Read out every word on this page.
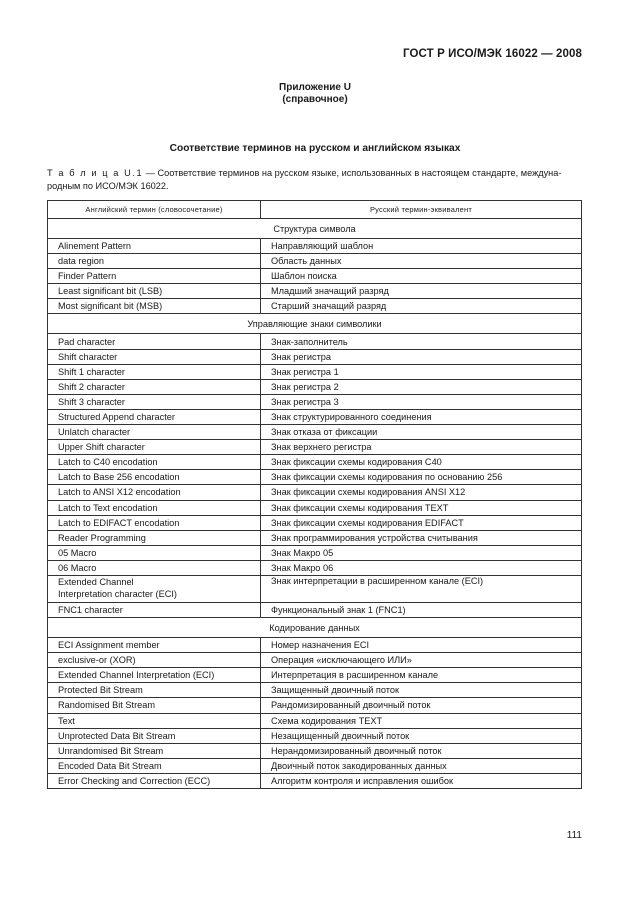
ГОСТ Р ИСО/МЭК 16022 — 2008
Приложение U
(справочное)
Соответствие терминов на русском и английском языках
Т а б л и ц а U.1 — Соответствие терминов на русском языке, использованных в настоящем стандарте, междуна-родным по ИСО/МЭК 16022.
Английский термин (словосочетание)	Русский термин-эквивалент
Структура символа	

Alinement Pattern	Направляющий шаблон

data region	Область данных

Finder Pattern	Шаблон поиска

Least significant bit (LSB)	Младший значащий разряд

Most significant bit (MSB)	Старший значащий разряд
Управляющие знаки символики	

Pad character	Знак-заполнитель

Shift character	Знак регистра

Shift 1 character	Знак регистра 1

Shift 2 character	Знак регистра 2

Shift 3 character	Знак регистра 3

Structured Append character	Знак структурированного соединения

Unlatch character	Знак отказа от фиксации

Upper Shift character	Знак верхнего регистра

Latch to C40 encodation	Знак фиксации схемы кодирования C40

Latch to Base 256 encodation	Знак фиксации схемы кодирования по основанию 256

Latch to ANSI X12 encodation	Знак фиксации схемы кодирования ANSI X12

Latch to Text encodation	Знак фиксации схемы кодирования TEXT

Latch to EDIFACT encodation	Знак фиксации схемы кодирования EDIFACT

Reader Programming	Знак программирования устройства считывания

05 Macro	Знак Макро 05

06 Macro	Знак Макро 06

Extended Channel
Interpretation character (ECI)	Знак интерпретации в расширенном канале (ECI)

FNC1 character	Функциональный знак 1 (FNC1)
Кодирование данных	

ECI Assignment member	Номер назначения ECI

exclusive-or (XOR)	Операция «исключающего ИЛИ»

Extended Channel Interpretation (ECI)	Интерпретация в расширенном канале

Protected Bit Stream	Защищенный двоичный поток

Randomised Bit Stream	Рандомизированный двоичный поток

Text	Схема кодирования TEXT

Unprotected Data Bit Stream	Незащищенный двоичный поток

Unrandomised Bit Stream	Нерандомизированный двоичный поток

Encoded Data Bit Stream	Двоичный поток закодированных данных

Error Checking and Correction (ECC)	Алгоритм контроля и исправления ошибок
111
